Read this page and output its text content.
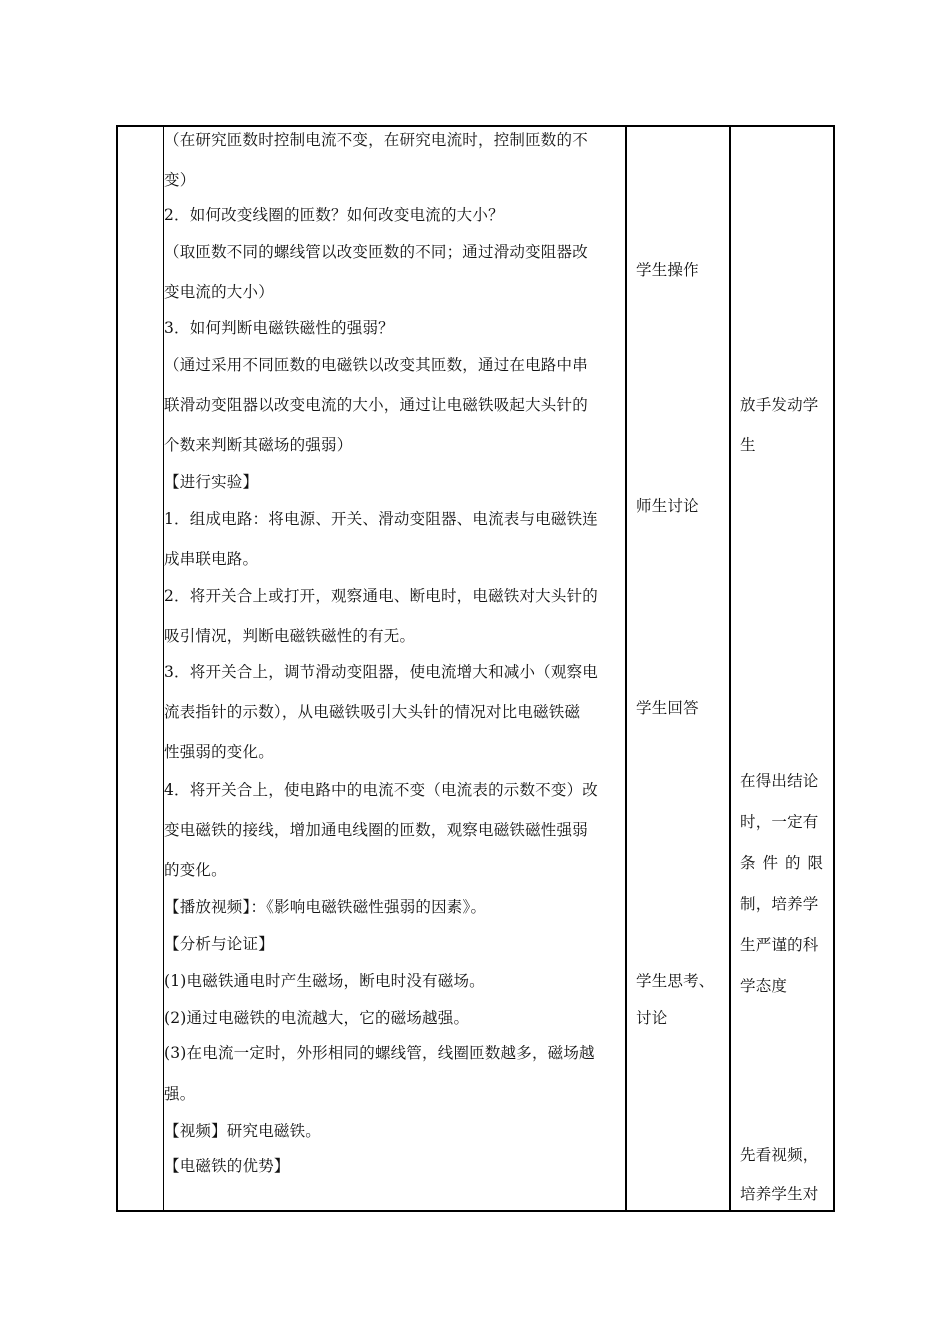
（在研究匝数时控制电流不变，在研究电流时，控制匝数的不
变）
2．如何改变线圈的匝数？如何改变电流的大小？
（取匝数不同的螺线管以改变匝数的不同；通过滑动变阻器改
变电流的大小）
3．如何判断电磁铁磁性的强弱？
（通过采用不同匝数的电磁铁以改变其匝数，通过在电路中串
联滑动变阻器以改变电流的大小，通过让电磁铁吸起大头针的
个数来判断其磁场的强弱）
【进行实验】
1．组成电路：将电源、开关、滑动变阻器、电流表与电磁铁连
成串联电路。
2．将开关合上或打开，观察通电、断电时，电磁铁对大头针的
吸引情况，判断电磁铁磁性的有无。
3．将开关合上，调节滑动变阻器，使电流增大和减小（观察电
流表指针的示数），从电磁铁吸引大头针的情况对比电磁铁磁
性强弱的变化。
4．将开关合上，使电路中的电流不变（电流表的示数不变）改
变电磁铁的接线，增加通电线圈的匝数，观察电磁铁磁性强弱
的变化。
【播放视频】：《影响电磁铁磁性强弱的因素》。
【分析与论证】
(1)电磁铁通电时产生磁场，断电时没有磁场。
(2)通过电磁铁的电流越大，它的磁场越强。
(3)在电流一定时，外形相同的螺线管，线圈匝数越多，磁场越
强。
【视频】研究电磁铁。
【电磁铁的优势】
学生操作
师生讨论
学生回答
学生思考、
讨论
放手发动学
生
在得出结论
时，一定有
条件的限
制，培养学
生严谨的科
学态度
先看视频，
培养学生对
